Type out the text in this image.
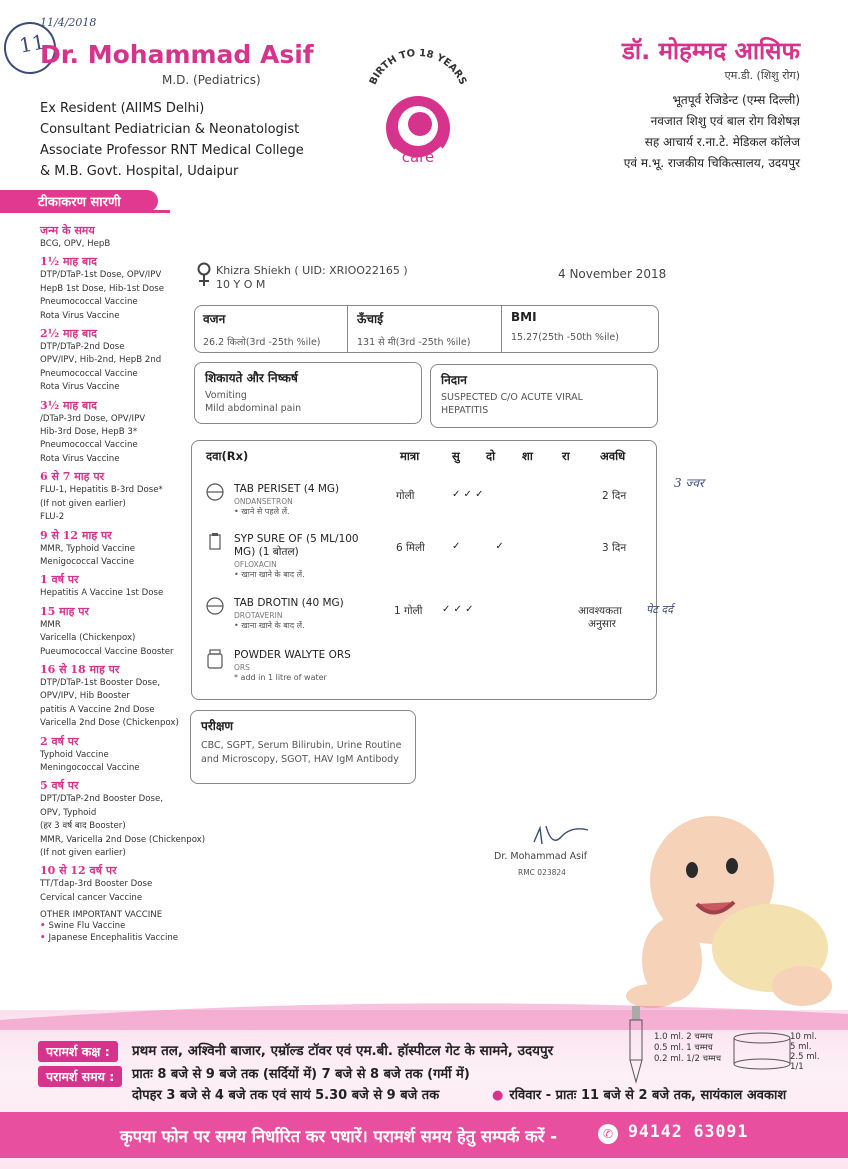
11
11/4/2018
Dr. Mohammad Asif
M.D. (Pediatrics)
Ex Resident (AIIMS Delhi)
Consultant Pediatrician & Neonatologist
Associate Professor RNT Medical College
& M.B. Govt. Hospital, Udaipur
डॉ. मोहम्मद आसिफ
एम.डी. (शिशु रोग)
भूतपूर्व रेजिडेन्ट (एम्स दिल्ली)
नवजात शिशु एवं बाल रोग विशेषज्ञ
सह आचार्य र.ना.टे. मेडिकल कॉलेज
एवं म.भू. राजकीय चिकित्सालय, उदयपुर
BIRTH TO 18 YEARS
care
टीकाकरण सारणी
जन्म के समय
BCG, OPV, HepB
1½ माह बाद
DTP/DTaP-1st Dose, OPV/IPV
HepB 1st Dose, Hib-1st Dose
Pneumococcal Vaccine
Rota Virus Vaccine
2½ माह बाद
DTP/DTaP-2nd Dose
OPV/IPV, Hib-2nd, HepB 2nd
Pneumococcal Vaccine
Rota Virus Vaccine
3½ माह बाद
/DTaP-3rd Dose, OPV/IPV
Hib-3rd Dose, HepB 3*
Pneumococcal Vaccine
Rota Virus Vaccine
6 से 7 माह पर
FLU-1, Hepatitis B-3rd Dose*
(If not given earlier)
FLU-2
9 से 12 माह पर
MMR, Typhoid Vaccine
Menigococcal Vaccine
1 वर्ष पर
Hepatitis A Vaccine 1st Dose
15 माह पर
MMR
Varicella (Chickenpox)
Pueumococcal Vaccine Booster
16 से 18 माह पर
DTP/DTaP-1st Booster Dose,
OPV/IPV, Hib Booster
patitis A Vaccine 2nd Dose
Varicella 2nd Dose (Chickenpox)
2 वर्ष पर
Typhoid Vaccine
Meningococcal Vaccine
5 वर्ष पर
DPT/DTaP-2nd Booster Dose,
OPV, Typhoid
(हर 3 वर्ष बाद Booster)
MMR, Varicella 2nd Dose (Chickenpox)
(If not given earlier)
10 से 12 वर्ष पर
TT/Tdap-3rd Booster Dose
Cervical cancer Vaccine
OTHER IMPORTANT VACCINE
• Swine Flu Vaccine
• Japanese Encephalitis Vaccine
Khizra Shiekh ( UID: XRIOO22165 )
10 Y O M
4 November 2018
वजन
26.2 किलो(3rd -25th %ile)
ऊँचाई
131 से मी(3rd -25th %ile)
BMI
15.27(25th -50th %ile)
शिकायते और निष्कर्ष
Vomiting
Mild abdominal pain
निदान
SUSPECTED C/O ACUTE VIRAL HEPATITIS
दवा(Rx)	मात्रा	सु दो शा	रा	अवधि
TAB PERISET (4 MG)
ONDANSETRON
• खाने से पहले लें.
गोली	✓ ✓ ✓	2 दिन
SYP SURE OF (5 ML/100
MG) (1 बोतल)
OFLOXACIN
• खाना खाने के बाद लें.
6 मिली	✓           ✓	3 दिन
TAB DROTIN (40 MG)
DROTAVERIN
• खाना खाने के बाद लें.
1 गोली ✓ ✓ ✓	आवश्यकता
अनुसार
POWDER WALYTE ORS
ORS
* add in 1 litre of water
3 ज्वर
पेट दर्द
परीक्षण
CBC, SGPT, Serum Bilirubin, Urine Routine and Microscopy, SGOT, HAV IgM Antibody
Dr. Mohammad Asif
RMC 023824
1.0 ml. 2 चम्मच
0.5 ml. 1 चम्मच
0.2 ml. 1/2 चम्मच
10 ml.
5 ml.
2.5 ml.
1/1
परामर्श कक्ष :	प्रथम तल, अश्विनी बाजार, एम्रॉल्ड टॉवर एवं एम.बी. हॉस्पीटल गेट के सामने, उदयपुर
परामर्श समय :	प्रातः 8 बजे से 9 बजे तक (सर्दियों में) 7 बजे से 8 बजे तक (गर्मी में)
दोपहर 3 बजे से 4 बजे तक एवं सायं 5.30 बजे से 9 बजे तक	● रविवार - प्रातः 11 बजे से 2 बजे तक, सायंकाल अवकाश
कृपया फोन पर समय निर्धारित कर पधारें। परामर्श समय हेतु सम्पर्क करें -	✆ 94142 63091
